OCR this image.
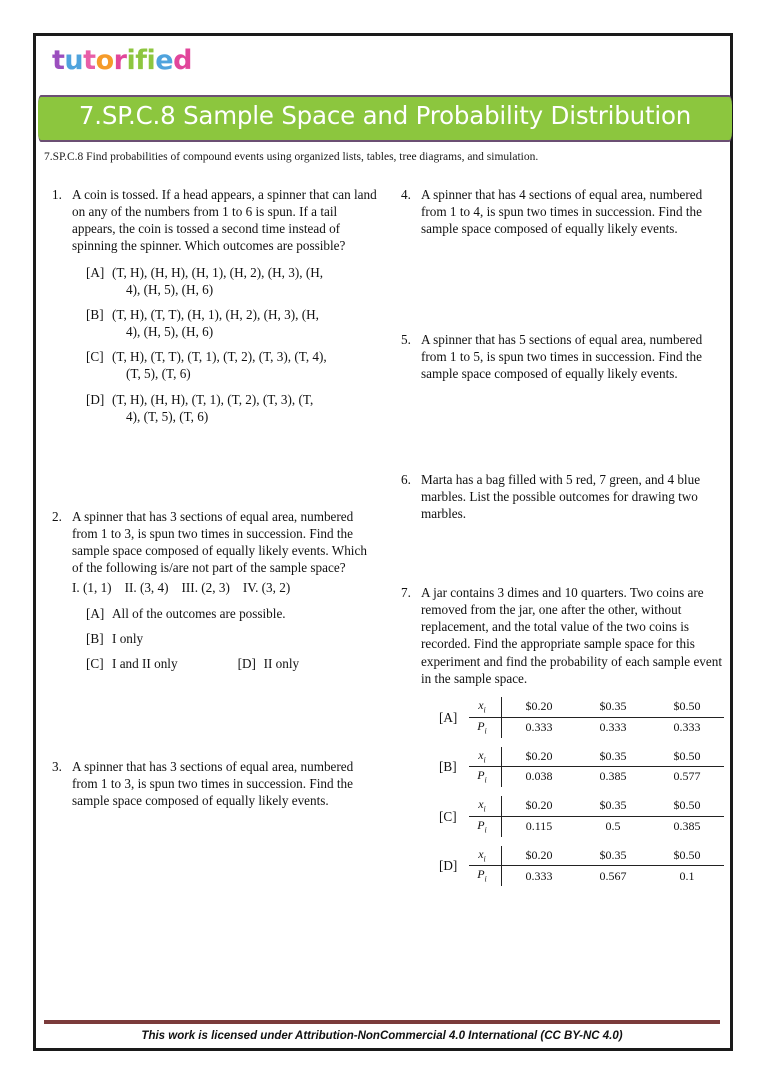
tutorified
7.SP.C.8 Sample Space and Probability Distribution
7.SP.C.8 Find probabilities of compound events using organized lists, tables, tree diagrams, and simulation.
1. A coin is tossed. If a head appears, a spinner that can land on any of the numbers from 1 to 6 is spun. If a tail appears, the coin is tossed a second time instead of spinning the spinner. Which outcomes are possible?

[A] (T, H), (H, H), (H, 1), (H, 2), (H, 3), (H,
4), (H, 5), (H, 6)
[B] (T, H), (T, T), (H, 1), (H, 2), (H, 3), (H,
4), (H, 5), (H, 6)
[C] (T, H), (T, T), (T, 1), (T, 2), (T, 3), (T, 4),
(T, 5), (T, 6)
[D] (T, H), (H, H), (T, 1), (T, 2), (T, 3), (T,
4), (T, 5), (T, 6)
2. A spinner that has 3 sections of equal area, numbered from 1 to 3, is spun two times in succession. Find the sample space composed of equally likely events. Which of the following is/are not part of the sample space?

I. (1, 1) II. (3, 4) III. (2, 3) IV. (3, 2)
[A] All of the outcomes are possible.
[B] I only
[C] I and II only	[D] II only
3. A spinner that has 3 sections of equal area, numbered from 1 to 3, is spun two times in succession. Find the sample space composed of equally likely events.

4. A spinner that has 4 sections of equal area, numbered from 1 to 4, is spun two times in succession. Find the sample space composed of equally likely events.

5. A spinner that has 5 sections of equal area, numbered from 1 to 5, is spun two times in succession. Find the sample space composed of equally likely events.

6. Marta has a bag filled with 5 red, 7 green, and 4 blue marbles. List the possible outcomes for drawing two marbles.

7. A jar contains 3 dimes and 10 quarters. Two coins are removed from the jar, one after the other, without replacement, and the total value of the two coins is recorded. Find the appropriate sample space for this experiment and find the probability of each sample event in the sample space.

[A]
$x_i$	$0.20	$0.35	$0.50
$P_i$	0.333	0.333	0.333
[B]
$x_i$	$0.20	$0.35	$0.50
$P_i$	0.038	0.385	0.577
[C]
$x_i$	$0.20	$0.35	$0.50
$P_i$	0.115	0.5	0.385
[D]
$x_i$	$0.20	$0.35	$0.50
$P_i$	0.333	0.567	0.1
This work is licensed under Attribution-NonCommercial 4.0 International (CC BY-NC 4.0)
